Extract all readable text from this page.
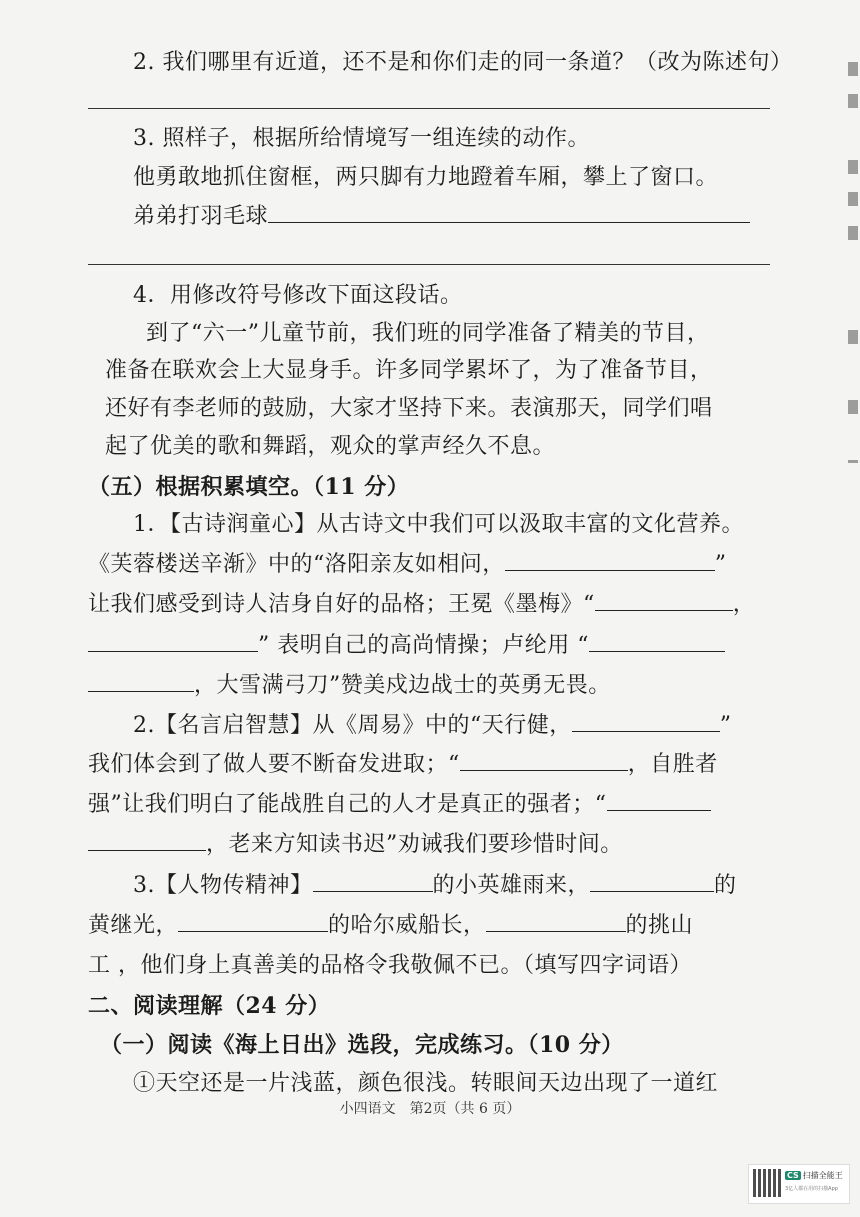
2. 我们哪里有近道，还不是和你们走的同一条道？（改为陈述句）
3. 照样子，根据所给情境写一组连续的动作。
他勇敢地抓住窗框，两只脚有力地蹬着车厢，攀上了窗口。
弟弟打羽毛球
4．用修改符号修改下面这段话。
到了“六一”儿童节前，我们班的同学准备了精美的节目，
准备在联欢会上大显身手。许多同学累坏了，为了准备节目，
还好有李老师的鼓励，大家才坚持下来。表演那天，同学们唱
起了优美的歌和舞蹈，观众的掌声经久不息。
（五）根据积累填空。（11 分）
1．【古诗润童心】从古诗文中我们可以汲取丰富的文化营养。
《芙蓉楼送辛渐》中的“洛阳亲友如相问，	”
让我们感受到诗人洁身自好的品格；王冕《墨梅》“	，
” 表明自己的高尚情操；卢纶用 “
，大雪满弓刀”赞美戍边战士的英勇无畏。
2.【名言启智慧】从《周易》中的“天行健，	”
我们体会到了做人要不断奋发进取；“	，自胜者
强”让我们明白了能战胜自己的人才是真正的强者；“
，老来方知读书迟”劝诫我们要珍惜时间。
3.【人物传精神】	的小英雄雨来，	的
黄继光，	的哈尔威船长，	的挑山
工 ，他们身上真善美的品格令我敬佩不已。（填写四字词语）
二、阅读理解（24 分）
（一）阅读《海上日出》选段，完成练习。（10 分）
①天空还是一片浅蓝，颜色很浅。转眼间天边出现了一道红
小四语文　第2页（共 6 页）
CS 扫描全能王
3亿人都在用的扫描App
